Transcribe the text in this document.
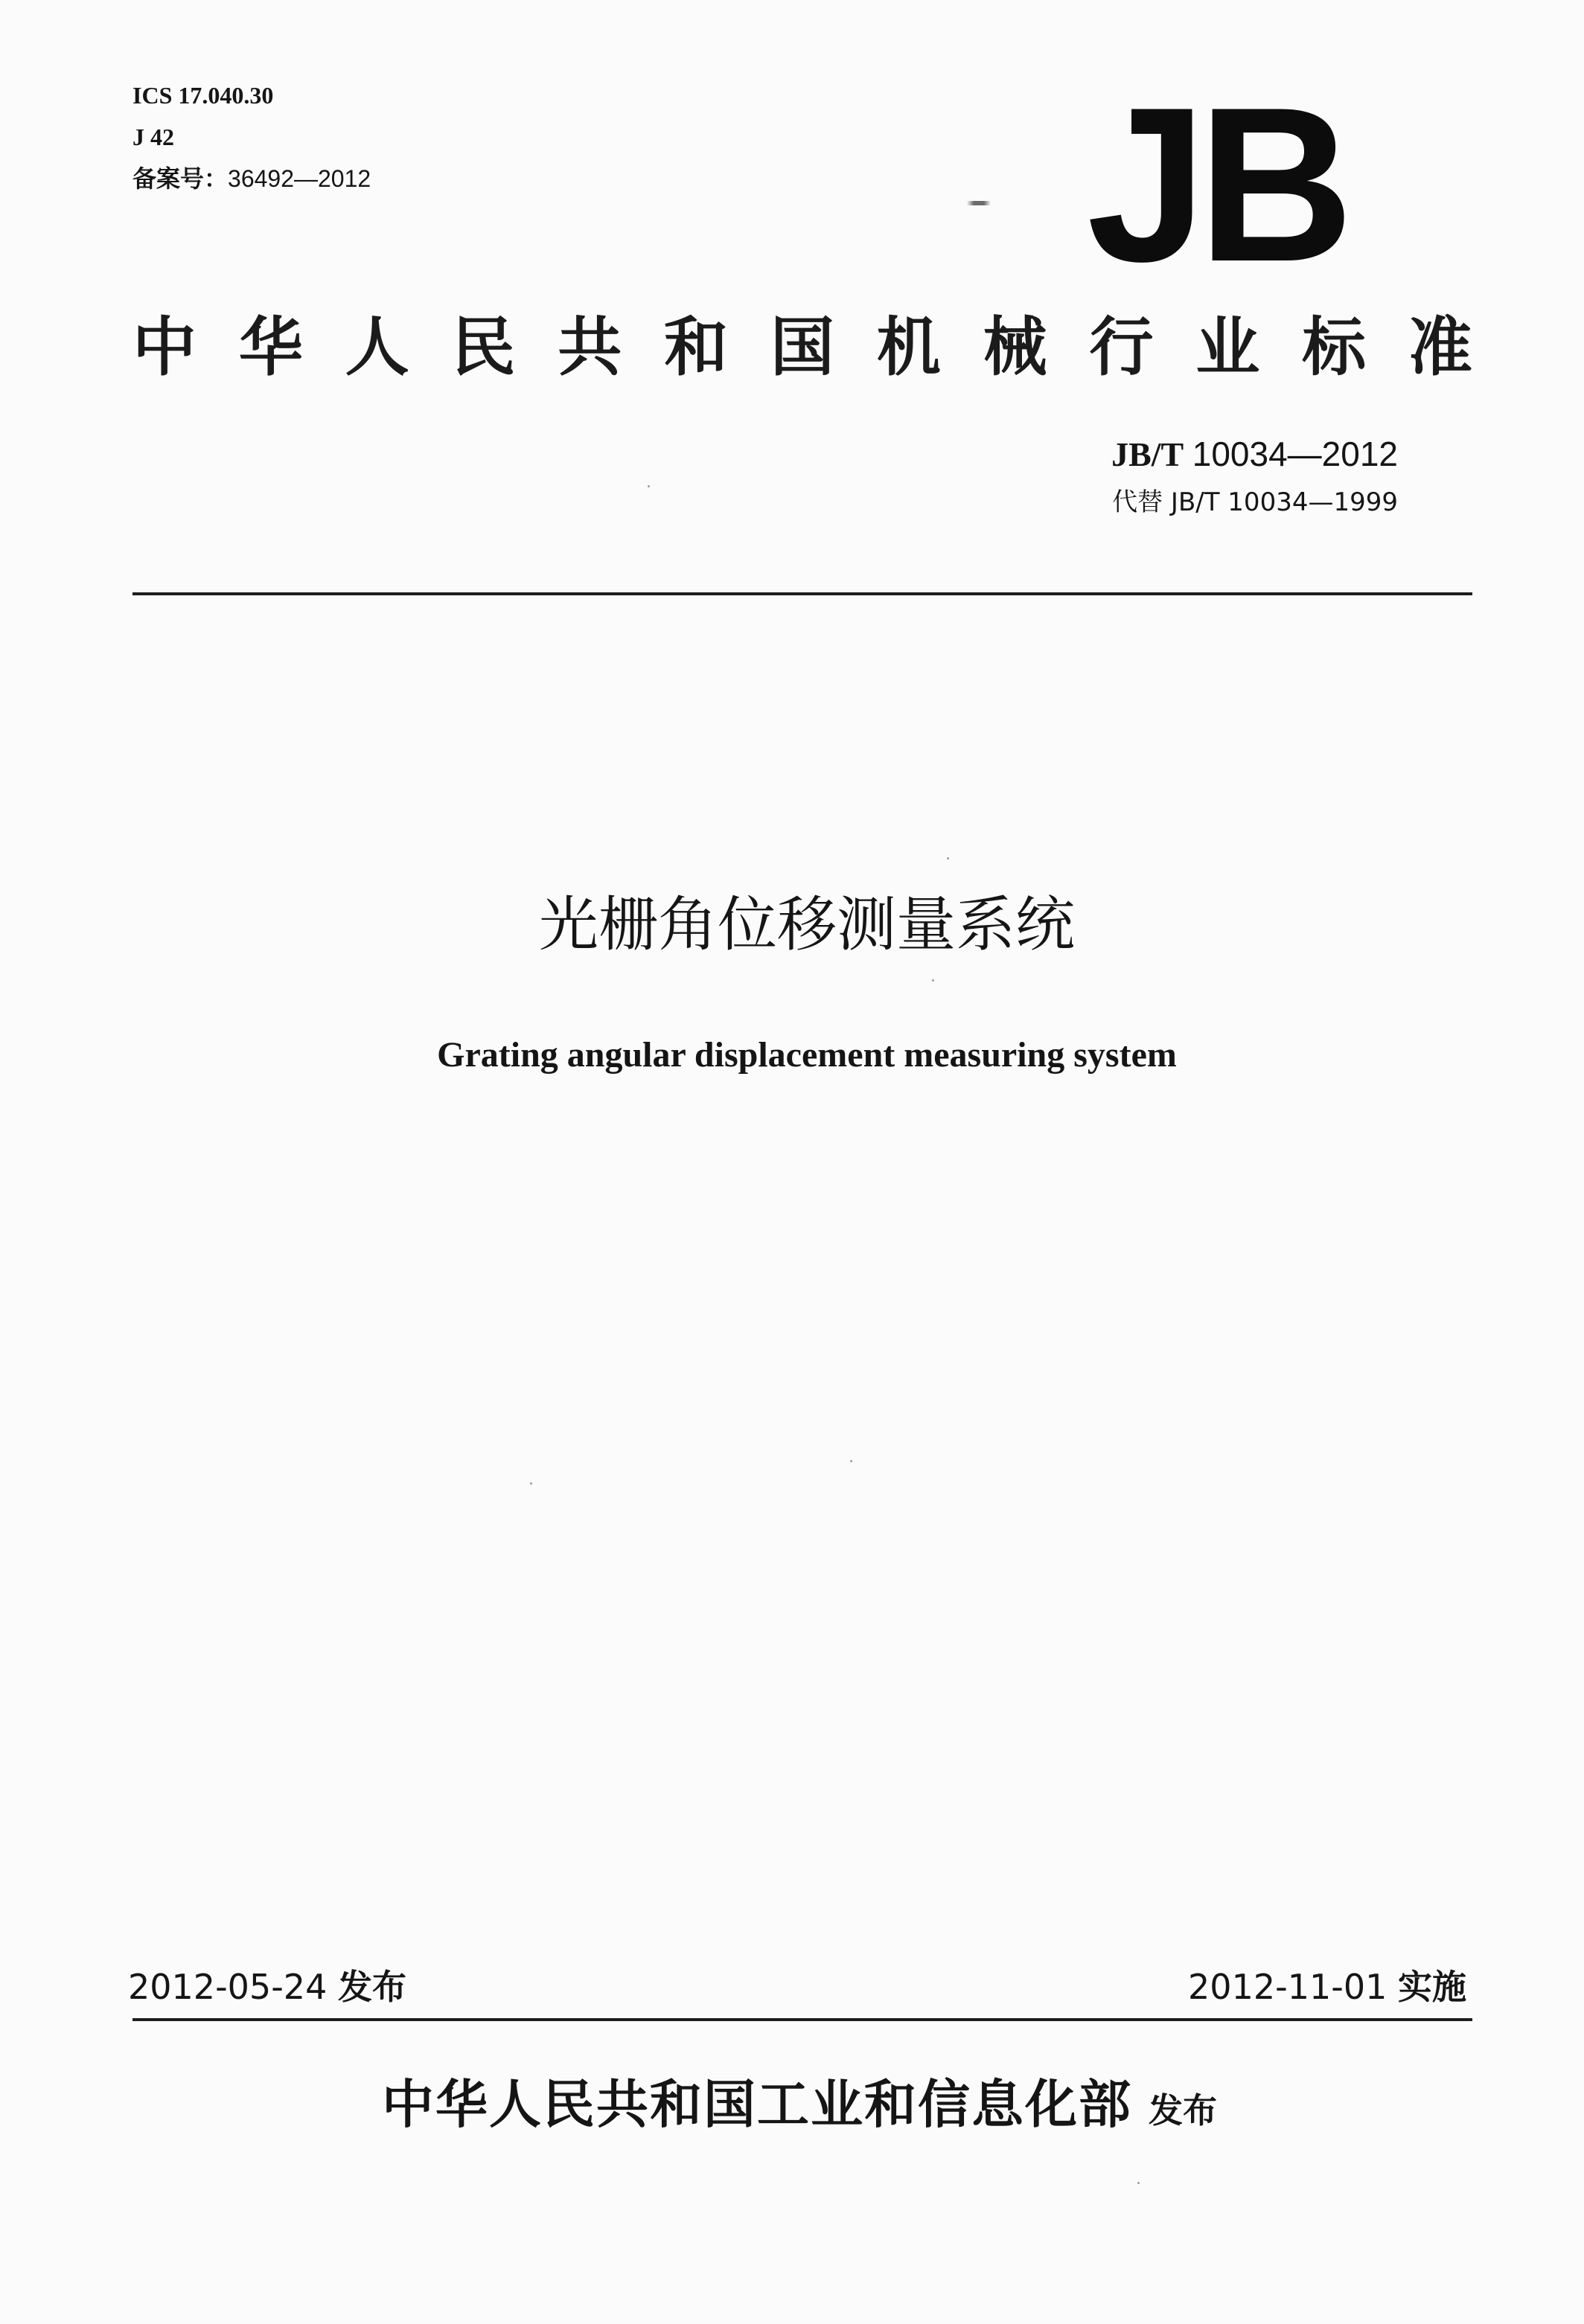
ICS 17.040.30
J 42
备案号：36492—2012	JB
中 华 人 民 共 和 国 机 械 行 业 标 准
JB/T 10034—2012
代替 JB/T 10034—1999
光栅角位移测量系统
Grating angular displacement measuring system
2012-05-24 发布	2012-11-01 实施
中华人民共和国工业和信息化部 发布
